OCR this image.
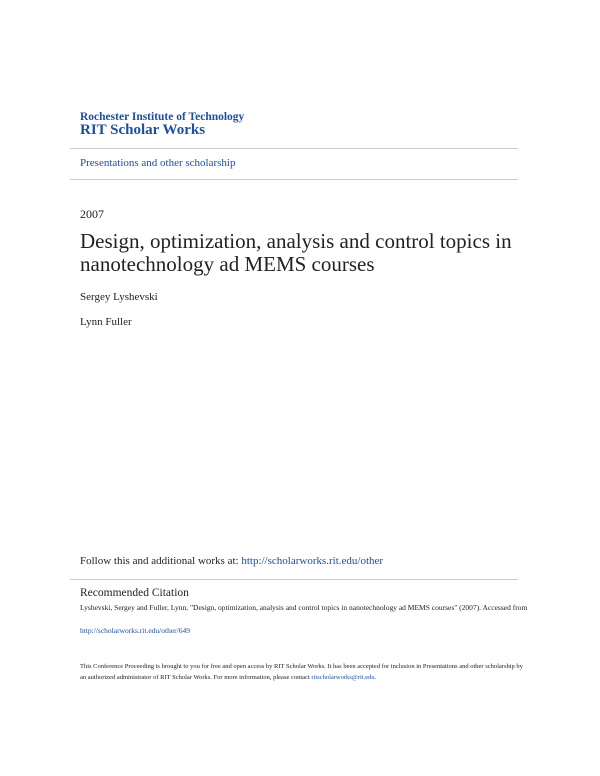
Rochester Institute of Technology
RIT Scholar Works
Presentations and other scholarship
2007
Design, optimization, analysis and control topics in nanotechnology ad MEMS courses
Sergey Lyshevski
Lynn Fuller
Follow this and additional works at: http://scholarworks.rit.edu/other
Recommended Citation
Lyshevski, Sergey and Fuller, Lynn, "Design, optimization, analysis and control topics in nanotechnology ad MEMS courses" (2007). Accessed from
http://scholarworks.rit.edu/other/649
This Conference Proceeding is brought to you for free and open access by RIT Scholar Works. It has been accepted for inclusion in Presentations and other scholarship by an authorized administrator of RIT Scholar Works. For more information, please contact ritscholarworks@rit.edu.
